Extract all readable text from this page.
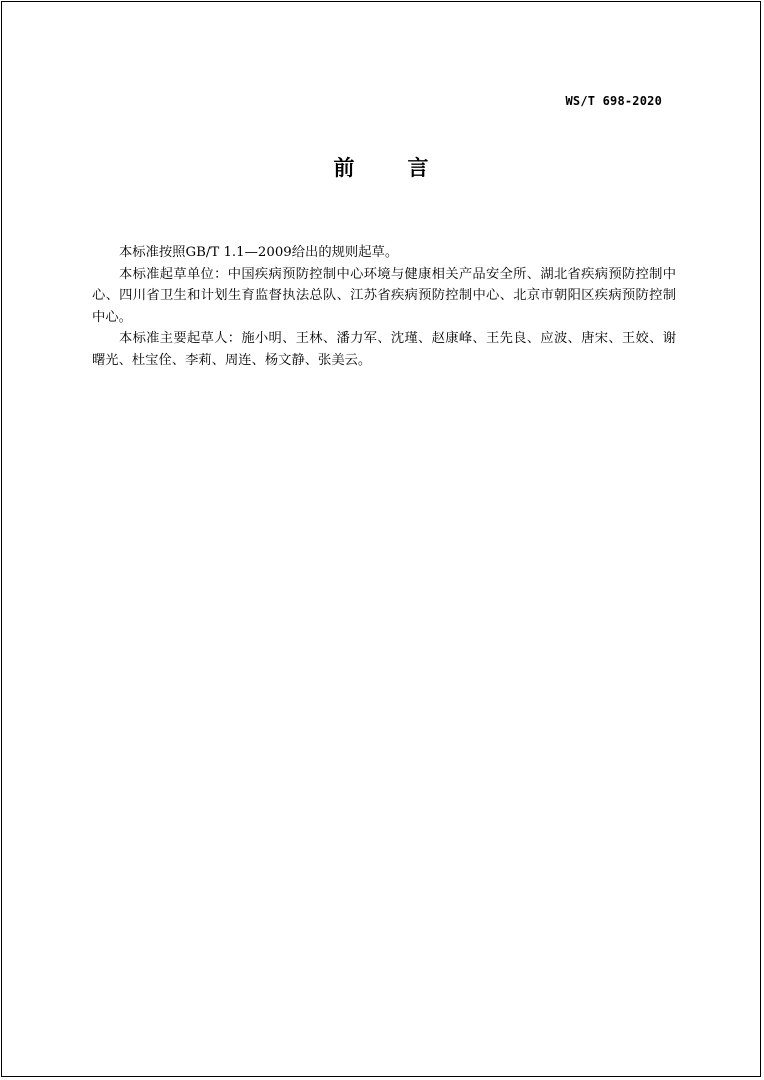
WS/T 698-2020
前　言

本标准按照GB/T 1.1—2009给出的规则起草。

本标准起草单位：中国疾病预防控制中心环境与健康相关产品安全所、湖北省疾病预防控制中心、四川省卫生和计划生育监督执法总队、江苏省疾病预防控制中心、北京市朝阳区疾病预防控制中心。

本标准主要起草人：施小明、王林、潘力军、沈瑾、赵康峰、王先良、应波、唐宋、王姣、谢曙光、杜宝佺、李莉、周连、杨文静、张美云。
